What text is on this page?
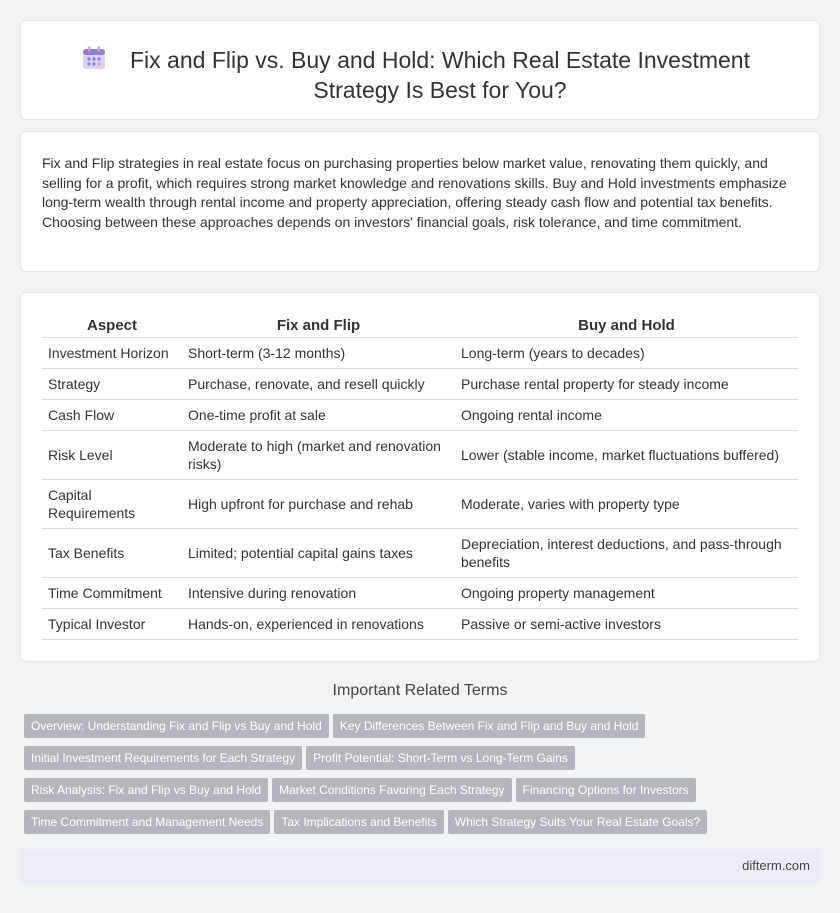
Fix and Flip vs. Buy and Hold: Which Real Estate Investment Strategy Is Best for You?

Fix and Flip strategies in real estate focus on purchasing properties below market value, renovating them quickly, and selling for a profit, which requires strong market knowledge and renovations skills. Buy and Hold investments emphasize long-term wealth through rental income and property appreciation, offering steady cash flow and potential tax benefits. Choosing between these approaches depends on investors' financial goals, risk tolerance, and time commitment.

Aspect	Fix and Flip	Buy and Hold
Investment Horizon	Short-term (3-12 months)	Long-term (years to decades)
Strategy	Purchase, renovate, and resell quickly	Purchase rental property for steady income
Cash Flow	One-time profit at sale	Ongoing rental income
Risk Level	Moderate to high (market and renovation risks)	Lower (stable income, market fluctuations buffered)
Capital Requirements	High upfront for purchase and rehab	Moderate, varies with property type
Tax Benefits	Limited; potential capital gains taxes	Depreciation, interest deductions, and pass-through benefits
Time Commitment	Intensive during renovation	Ongoing property management
Typical Investor	Hands-on, experienced in renovations	Passive or semi-active investors
Important Related Terms
Overview: Understanding Fix and Flip vs Buy and Hold Key Differences Between Fix and Flip and Buy and Hold
Initial Investment Requirements for Each Strategy Profit Potential: Short-Term vs Long-Term Gains
Risk Analysis: Fix and Flip vs Buy and Hold Market Conditions Favoring Each Strategy Financing Options for Investors
Time Commitment and Management Needs Tax Implications and Benefits Which Strategy Suits Your Real Estate Goals?
difterm.com
